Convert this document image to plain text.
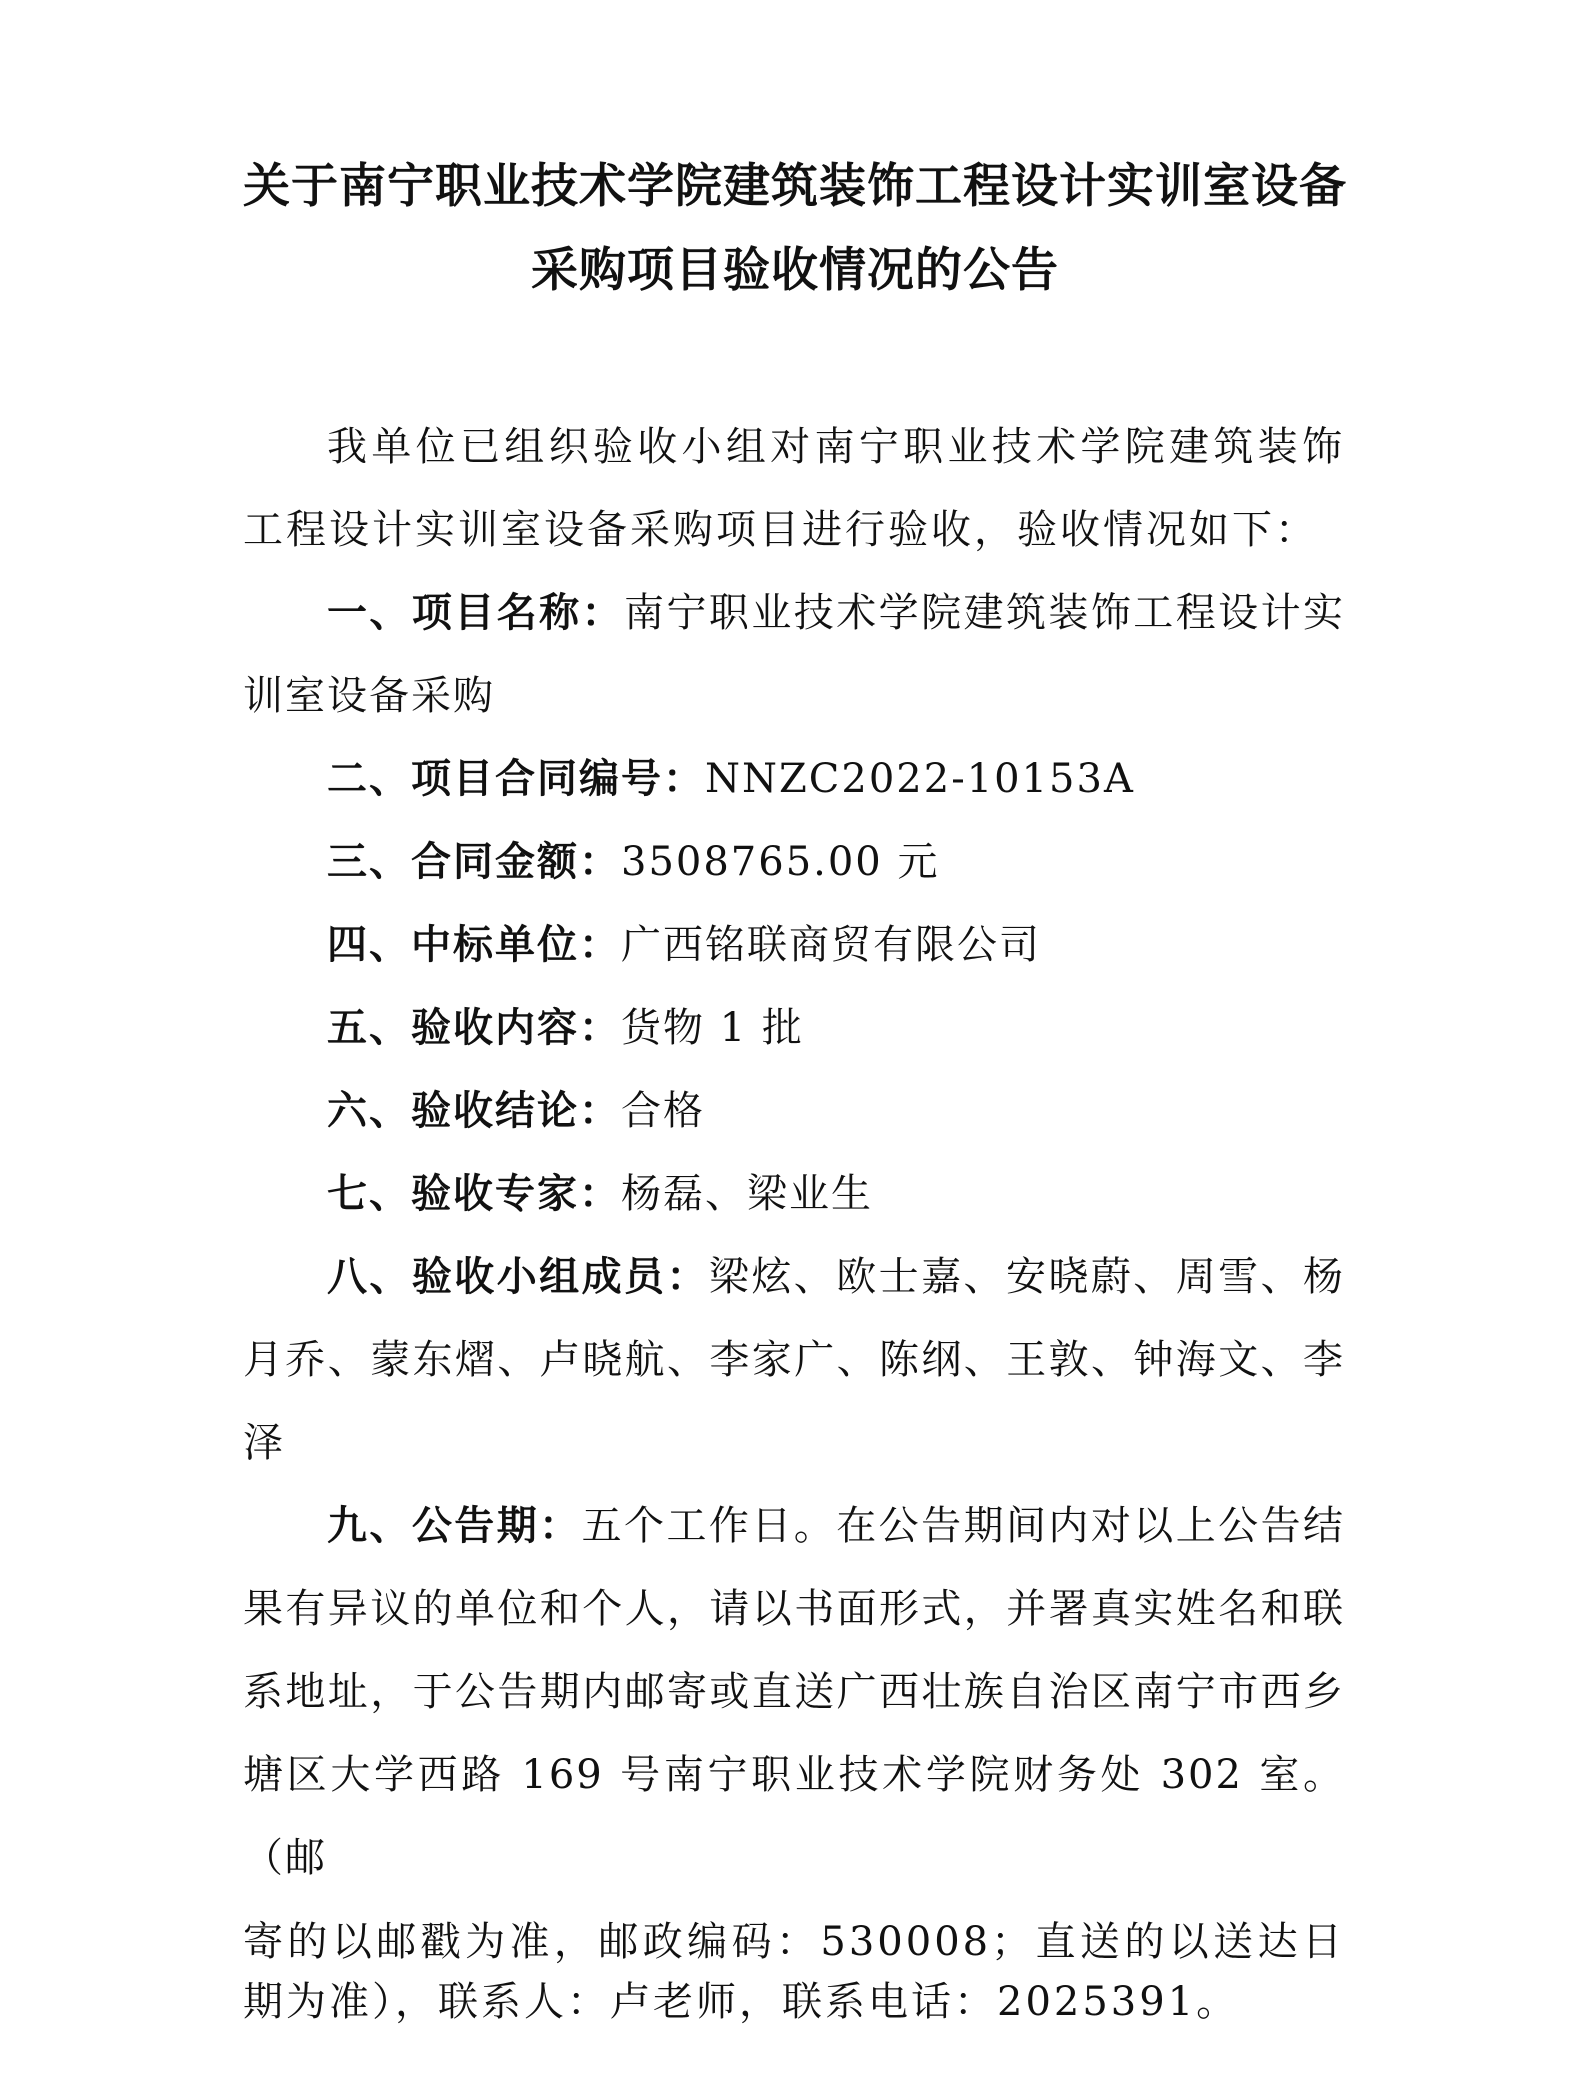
关于南宁职业技术学院建筑装饰工程设计实训室设备
采购项目验收情况的公告

我单位已组织验收小组对南宁职业技术学院建筑装饰工程设计实训室设备采购项目进行验收，验收情况如下：

一、项目名称：南宁职业技术学院建筑装饰工程设计实训室设备采购

二、项目合同编号：NNZC2022-10153A

三、合同金额：3508765.00 元

四、中标单位：广西铭联商贸有限公司

五、验收内容：货物 1 批

六、验收结论：合格

七、验收专家：杨磊、梁业生

八、验收小组成员：梁炫、欧士嘉、安晓蔚、周雪、杨月乔、蒙东熠、卢晓航、李家广、陈纲、王敦、钟海文、李泽

九、公告期：五个工作日。在公告期间内对以上公告结果有异议的单位和个人，请以书面形式，并署真实姓名和联系地址，于公告期内邮寄或直送广西壮族自治区南宁市西乡塘区大学西路 169 号南宁职业技术学院财务处 302 室。（邮

寄的以邮戳为准，邮政编码：530008；直送的以送达日期为准），联系人：卢老师，联系电话：2025391。
